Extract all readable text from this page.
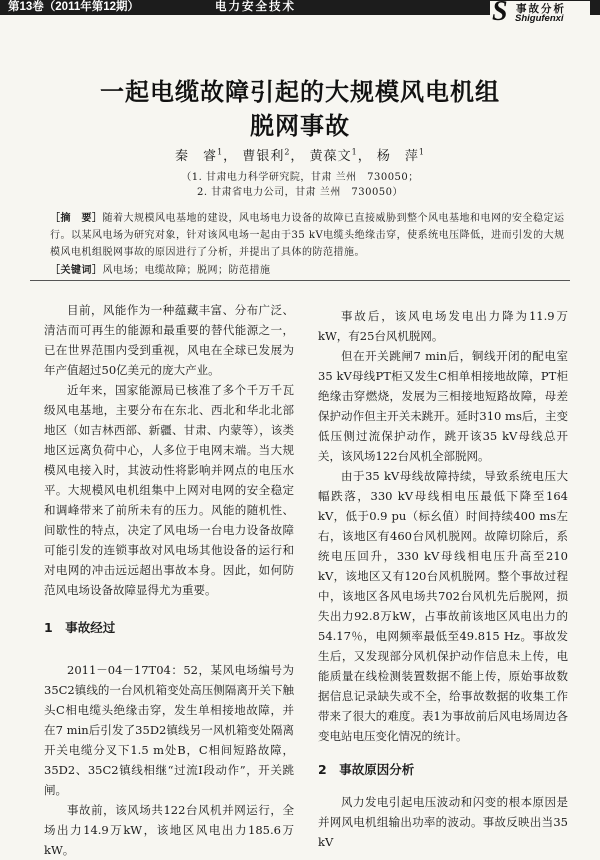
第13卷（2011年第12期）	电力安全技术	S 事故分析
Shigufenxi
一起电缆故障引起的大规模风电机组
脱网事故
秦　睿$^1$， 曹银利$^2$， 黄葆文$^1$， 杨　萍$^1$
（1. 甘肃电力科学研究院，甘肃 兰州　730050；
2. 甘肃省电力公司，甘肃 兰州　730050）
［摘　要］随着大规模风电基地的建设，风电场电力设备的故障已直接威胁到整个风电基地和电网的安全稳定运行。以某风电场为研究对象，针对该风电场一起由于35 kV电缆头绝缘击穿，使系统电压降低，进而引发的大规模风电机组脱网事故的原因进行了分析，并提出了具体的防范措施。
［关键词］风电场；电缆故障；脱网；防范措施

目前，风能作为一种蕴藏丰富、分布广泛、清洁而可再生的能源和最重要的替代能源之一，已在世界范围内受到重视，风电在全球已发展为年产值超过50亿美元的庞大产业。

近年来，国家能源局已核准了多个千万千瓦级风电基地，主要分布在东北、西北和华北北部地区（如吉林西部、新疆、甘肃、内蒙等），该类地区远离负荷中心，人多位于电网末端。当大规模风电接入时，其波动性将影响并网点的电压水平。大规模风电机组集中上网对电网的安全稳定和调峰带来了前所未有的压力。风能的随机性、间歇性的特点，决定了风电场一台电力设备故障可能引发的连锁事故对风电场其他设备的运行和对电网的冲击远远超出事故本身。因此，如何防范风电场设备故障显得尤为重要。

1　事故经过

2011－04－17T04：52，某风电场编号为35C2镇线的一台风机箱变处高压侧隔离开关下触头C相电缆头绝缘击穿，发生单相接地故障，并在7 min后引发了35D2镇线另一风机箱变处隔离开关电缆分叉下1.5 m处B，C相间短路故障，35D2、35C2镇线相继“过流Ⅰ段动作”，开关跳闸。

事故前，该风场共122台风机并网运行，全场出力14.9万kW，该地区风电出力185.6万kW。

事故后，该风电场发电出力降为11.9万kW，有25台风机脱网。

但在开关跳闸7 min后，铜线开闭的配电室35 kV母线PT柜又发生C相单相接地故障，PT柜绝缘击穿燃烧，发展为三相接地短路故障，母差保护动作但主开关未跳开。延时310 ms后，主变低压侧过流保护动作，跳开该35 kV母线总开关，该风场122台风机全部脱网。

由于35 kV母线故障持续，导致系统电压大幅跌落，330 kV母线相电压最低下降至164 kV，低于0.9 pu（标幺值）时间持续400 ms左右，该地区有460台风机脱网。故障切除后，系统电压回升，330 kV母线相电压升高至210 kV，该地区又有120台风机脱网。整个事故过程中，该地区各风电场共702台风机先后脱网，损失出力92.8万kW，占事故前该地区风电出力的54.17％，电网频率最低至49.815 Hz。事故发生后，又发现部分风机保护动作信息未上传，电能质量在线检测装置数据不能上传，原始事故数据信息记录缺失或不全，给事故数据的收集工作带来了很大的难度。表1为事故前后风电场周边各变电站电压变化情况的统计。

2　事故原因分析

风力发电引起电压波动和闪变的根本原因是并网风电机组输出功率的波动。事故反映出当35 kV
